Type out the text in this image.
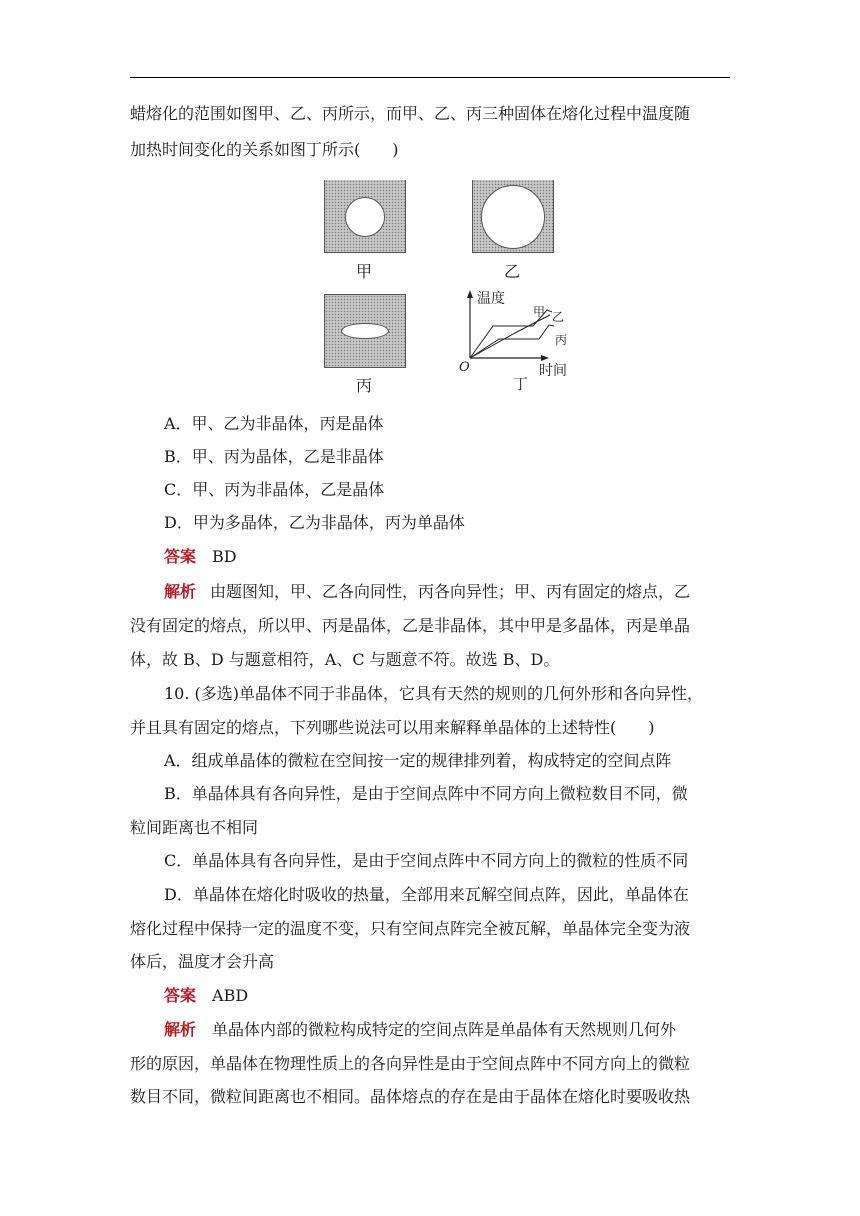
蜡熔化的范围如图甲、乙、丙所示，而甲、乙、丙三种固体在熔化过程中温度随
加热时间变化的关系如图丁所示(　　)
甲	乙
丙
温度
甲 乙
丙
O	时间
丁
A．甲、乙为非晶体，丙是晶体
B．甲、丙为晶体，乙是非晶体
C．甲、丙为非晶体，乙是晶体
D．甲为多晶体，乙为非晶体，丙为单晶体
答案 BD
解析 由题图知，甲、乙各向同性，丙各向异性；甲、丙有固定的熔点，乙
没有固定的熔点，所以甲、丙是晶体，乙是非晶体，其中甲是多晶体，丙是单晶
体，故 B、D 与题意相符，A、C 与题意不符。故选 B、D。
10. (多选)单晶体不同于非晶体，它具有天然的规则的几何外形和各向异性，
并且具有固定的熔点，下列哪些说法可以用来解释单晶体的上述特性(　　)
A．组成单晶体的微粒在空间按一定的规律排列着，构成特定的空间点阵
B．单晶体具有各向异性，是由于空间点阵中不同方向上微粒数目不同，微
粒间距离也不相同
C．单晶体具有各向异性，是由于空间点阵中不同方向上的微粒的性质不同
D．单晶体在熔化时吸收的热量，全部用来瓦解空间点阵，因此，单晶体在
熔化过程中保持一定的温度不变，只有空间点阵完全被瓦解，单晶体完全变为液
体后，温度才会升高
答案 ABD
解析 单晶体内部的微粒构成特定的空间点阵是单晶体有天然规则几何外
形的原因，单晶体在物理性质上的各向异性是由于空间点阵中不同方向上的微粒
数目不同，微粒间距离也不相同。晶体熔点的存在是由于晶体在熔化时要吸收热
